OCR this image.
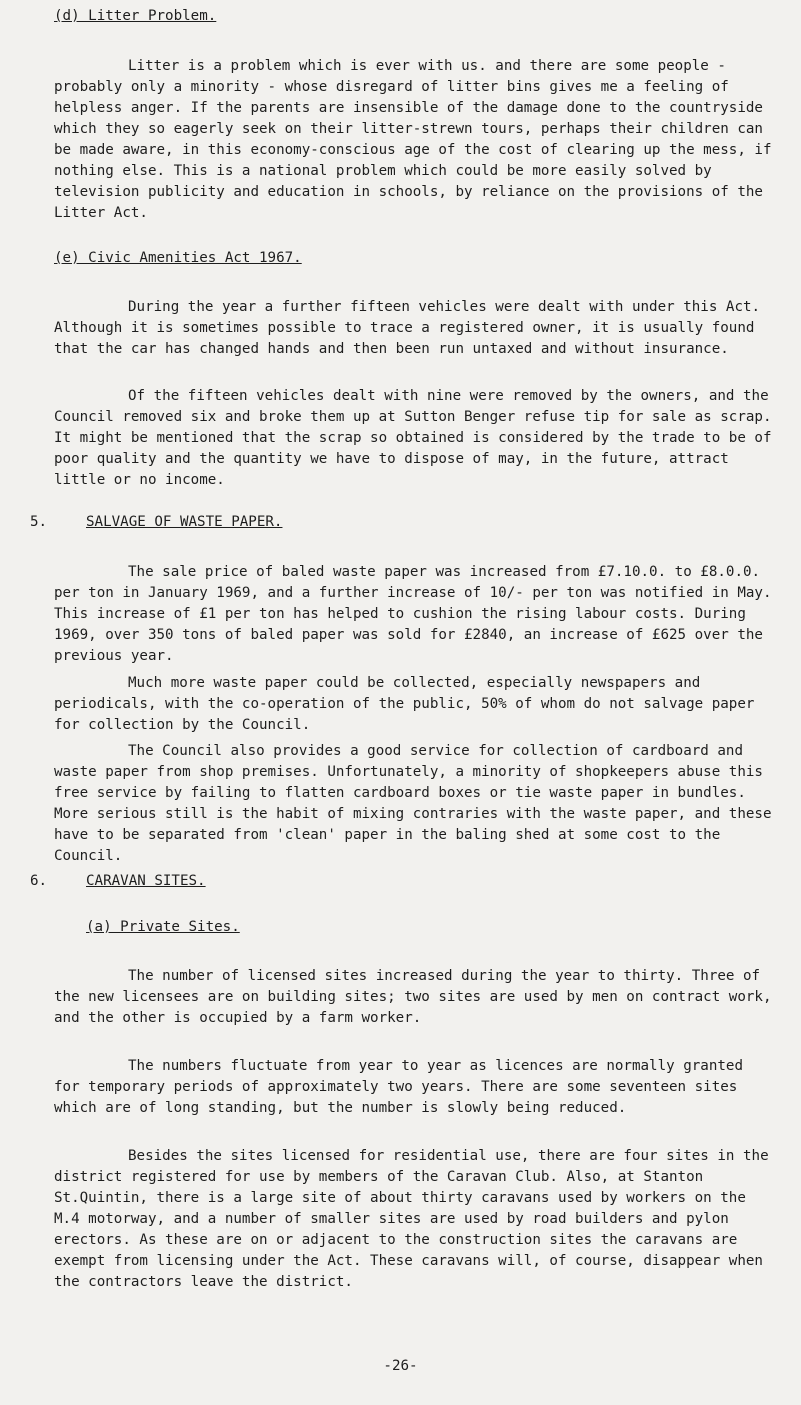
(d) Litter Problem.

Litter is a problem which is ever with us. and there are some people - probably only a minority - whose disregard of litter bins gives me a feeling of helpless anger. If the parents are insensible of the damage done to the countryside which they so eagerly seek on their litter-strewn tours, perhaps their children can be made aware, in this economy-conscious age of the cost of clearing up the mess, if nothing else. This is a national problem which could be more easily solved by television publicity and education in schools, by reliance on the provisions of the Litter Act.

(e) Civic Amenities Act 1967.

During the year a further fifteen vehicles were dealt with under this Act. Although it is sometimes possible to trace a registered owner, it is usually found that the car has changed hands and then been run untaxed and without insurance.

Of the fifteen vehicles dealt with nine were removed by the owners, and the Council removed six and broke them up at Sutton Benger refuse tip for sale as scrap. It might be mentioned that the scrap so obtained is considered by the trade to be of poor quality and the quantity we have to dispose of may, in the future, attract little or no income.

5.	SALVAGE OF WASTE PAPER.

The sale price of baled waste paper was increased from £7.10.0. to £8.0.0. per ton in January 1969, and a further increase of 10/- per ton was notified in May. This increase of £1 per ton has helped to cushion the rising labour costs. During 1969, over 350 tons of baled paper was sold for £2840, an increase of £625 over the previous year.

Much more waste paper could be collected, especially newspapers and periodicals, with the co-operation of the public, 50% of whom do not salvage paper for collection by the Council.

The Council also provides a good service for collection of cardboard and waste paper from shop premises. Unfortunately, a minority of shopkeepers abuse this free service by failing to flatten cardboard boxes or tie waste paper in bundles. More serious still is the habit of mixing contraries with the waste paper, and these have to be separated from 'clean' paper in the baling shed at some cost to the Council.

6.	CARAVAN SITES.

(a) Private Sites.

The number of licensed sites increased during the year to thirty. Three of the new licensees are on building sites; two sites are used by men on contract work, and the other is occupied by a farm worker.

The numbers fluctuate from year to year as licences are normally granted for temporary periods of approximately two years. There are some seventeen sites which are of long standing, but the number is slowly being reduced.

Besides the sites licensed for residential use, there are four sites in the district registered for use by members of the Caravan Club. Also, at Stanton St.Quintin, there is a large site of about thirty caravans used by workers on the M.4 motorway, and a number of smaller sites are used by road builders and pylon erectors. As these are on or adjacent to the construction sites the caravans are exempt from licensing under the Act. These caravans will, of course, disappear when the contractors leave the district.

-26-
